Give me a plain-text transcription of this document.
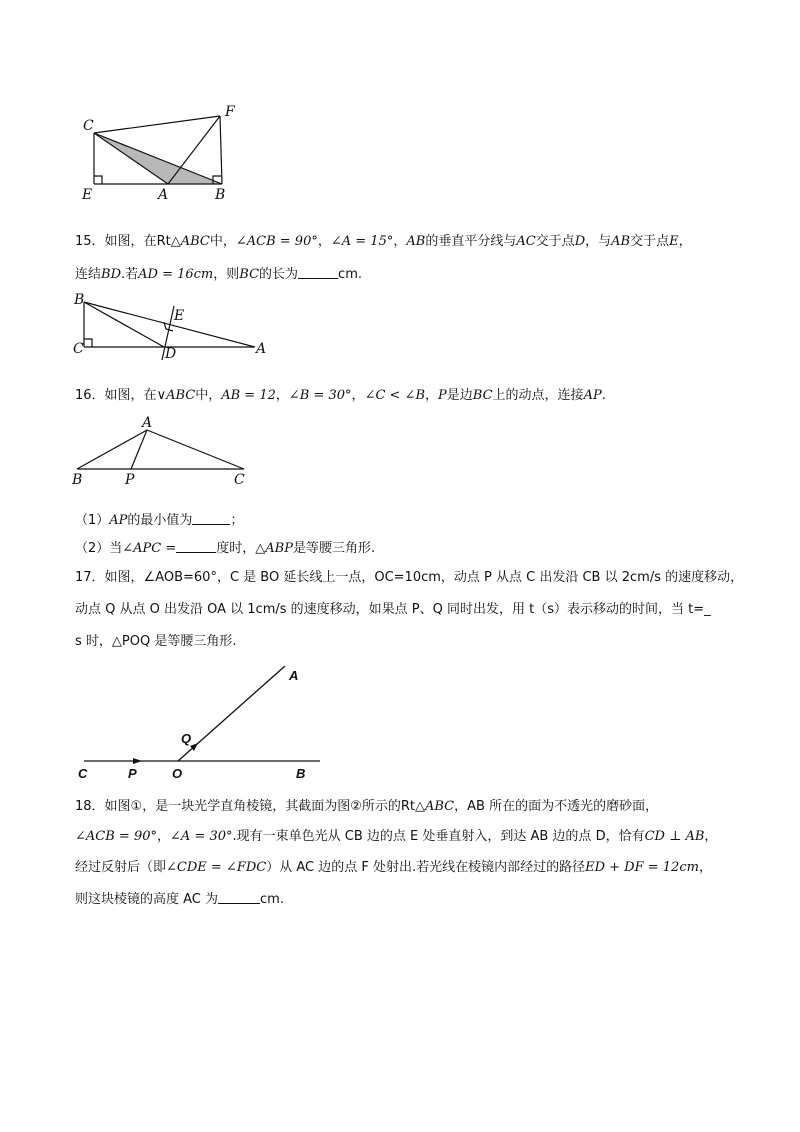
C
F
E	A	B
15．如图，在Rt△ABC中，∠ACB = 90°，∠A = 15°，AB的垂直平分线与AC交于点D，与AB交于点E，
连结BD.若AD = 16cm，则BC的长为	cm.
B
E
C	D	A
16．如图，在∨ABC中，AB = 12，∠B = 30°，∠C < ∠B，P是边BC上的动点，连接AP.
A
B	P	C
（1）AP的最小值为	；
（2）当∠APC =	度时，△ABP是等腰三角形.
17．如图，∠AOB=60°，C 是 BO 延长线上一点，OC=10cm，动点 P 从点 C 出发沿 CB 以 2cm/s 的速度移动，
动点 Q 从点 O 出发沿 OA 以 1cm/s 的速度移动，如果点 P、Q 同时出发，用 t（s）表示移动的时间，当 t=_
s 时，△POQ 是等腰三角形.
A
Q
C	P	O	B
18．如图①，是一块光学直角棱镜，其截面为图②所示的Rt△ABC，AB 所在的面为不透光的磨砂面，
∠ACB = 90°，∠A = 30°.现有一束单色光从 CB 边的点 E 处垂直射入，到达 AB 边的点 D，恰有CD ⊥ AB，
经过反射后（即∠CDE = ∠FDC）从 AC 边的点 F 处射出.若光线在棱镜内部经过的路径ED + DF = 12cm，
则这块棱镜的高度 AC 为	cm.
